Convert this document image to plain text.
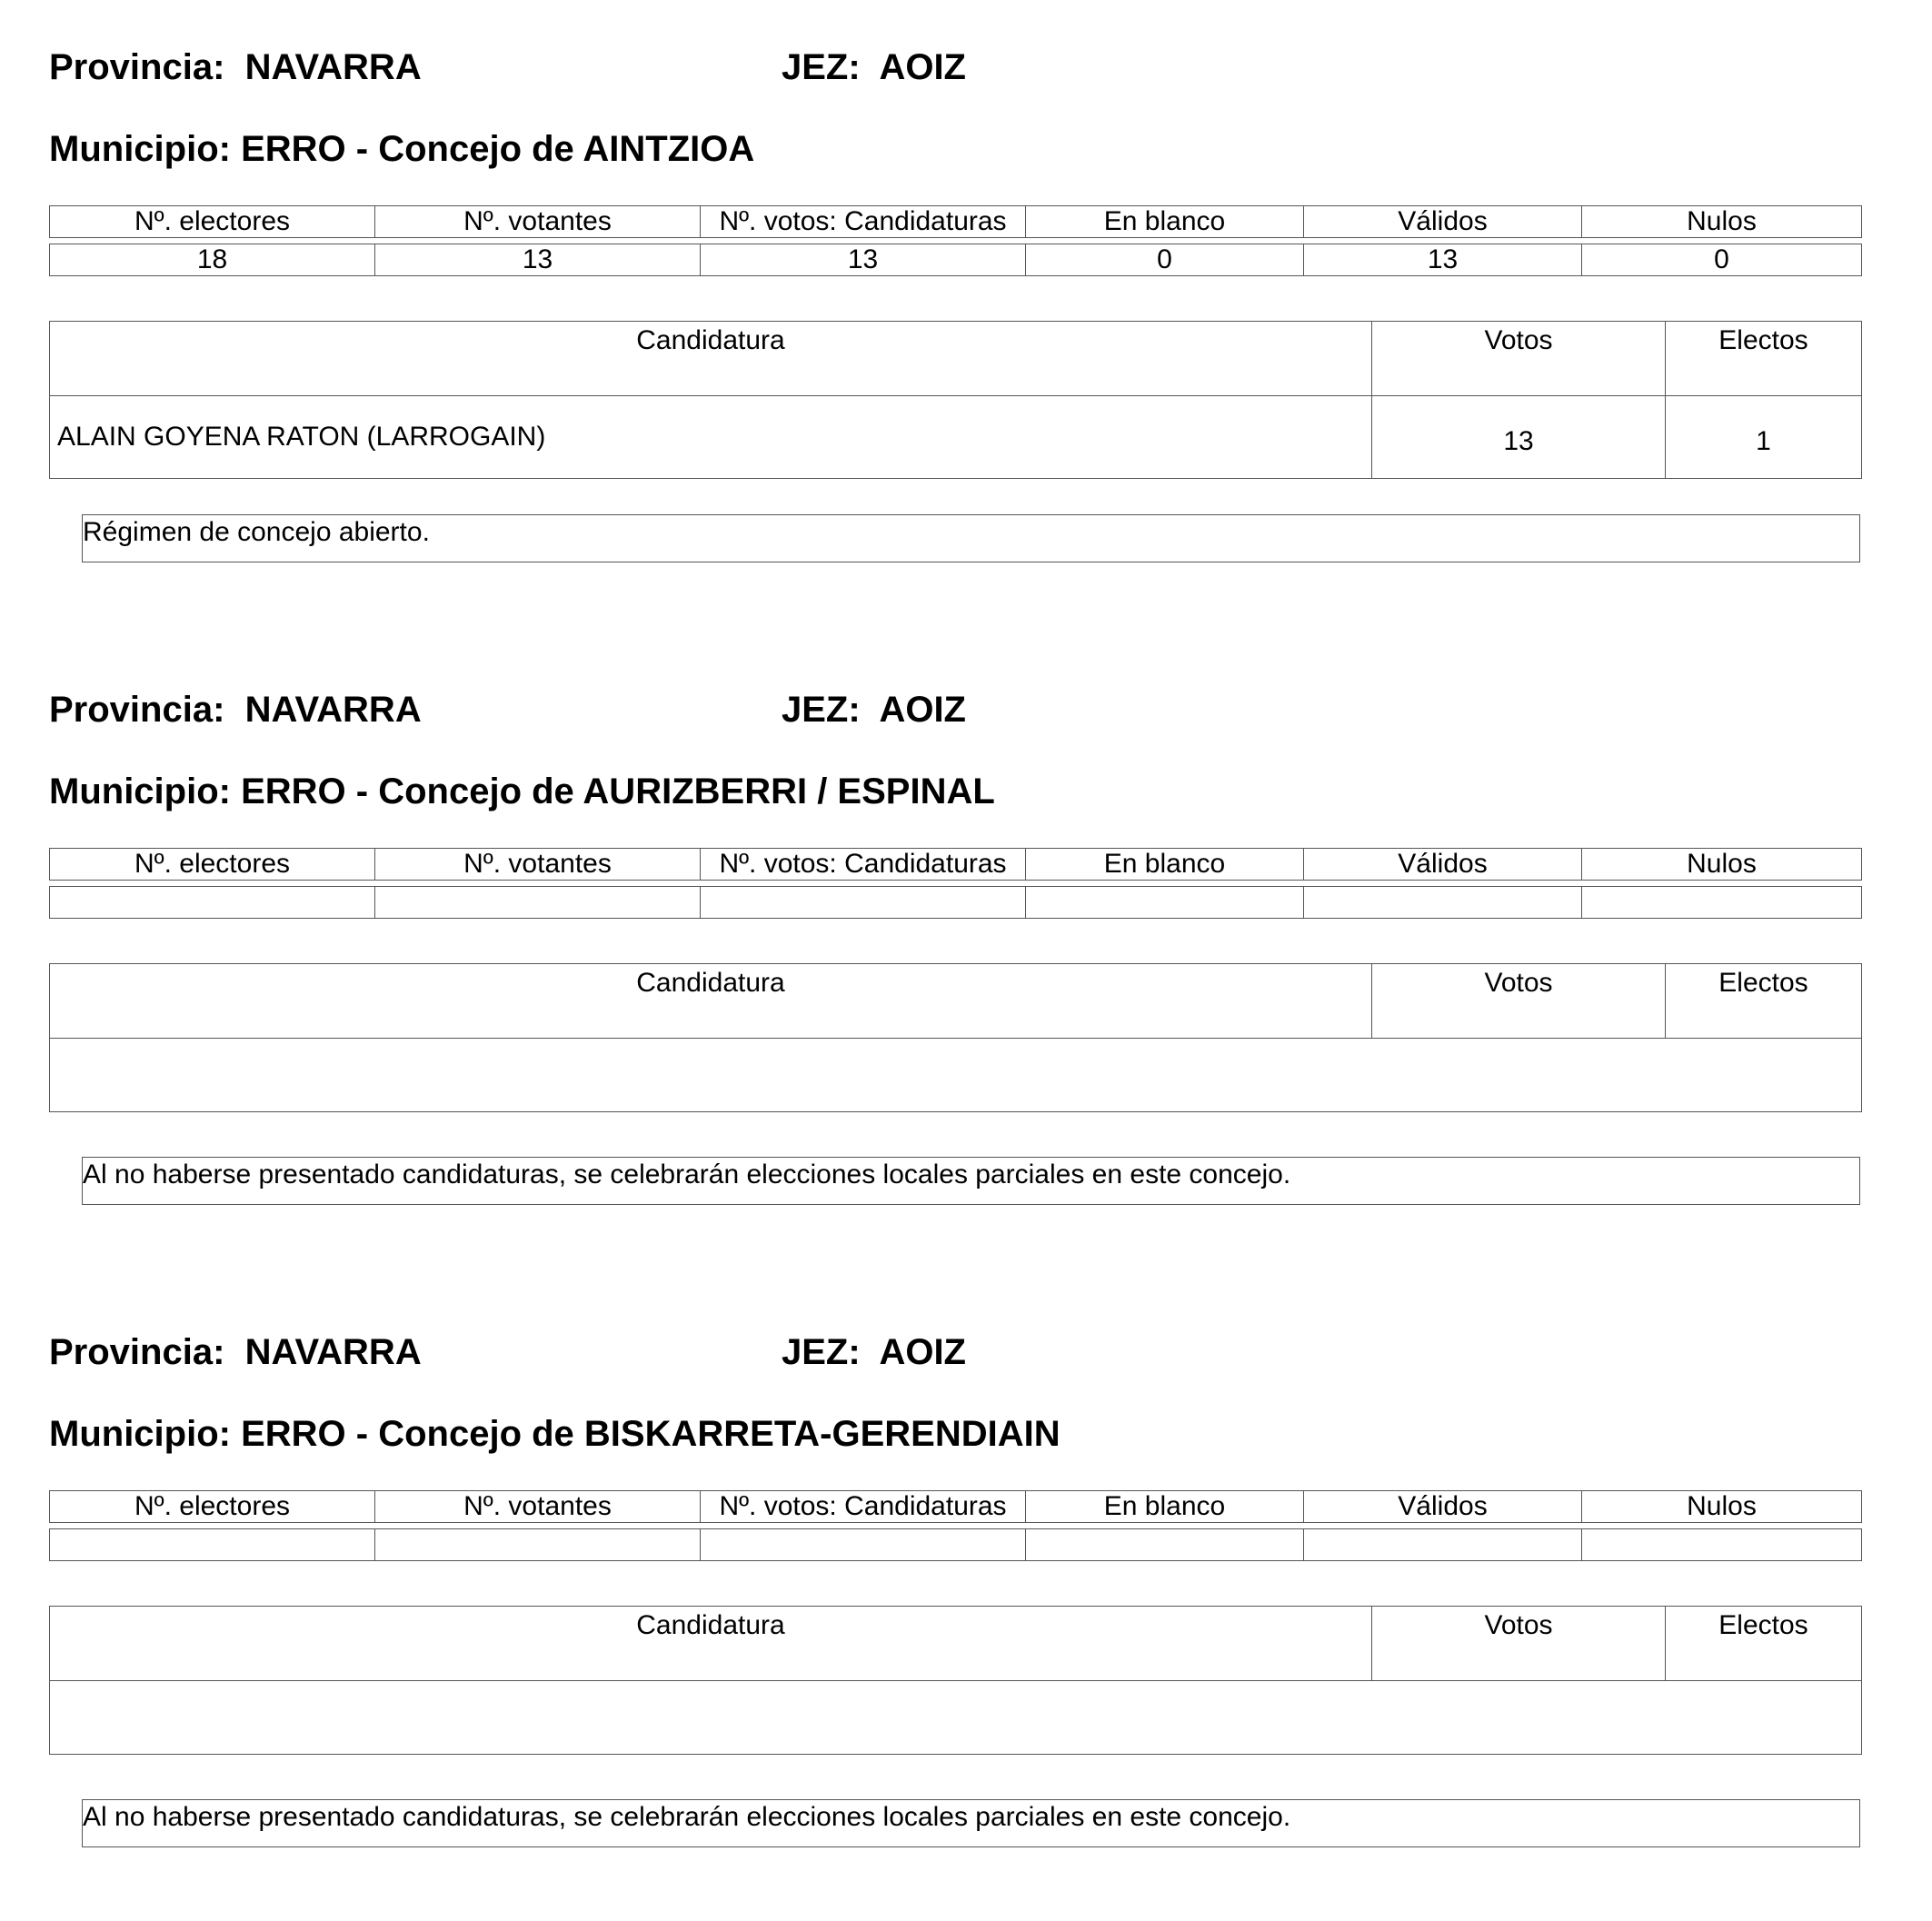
Provincia: NAVARRA	JEZ: AOIZ
Municipio: ERRO - Concejo de AINTZIOA
Nº. electores	Nº. votantes	Nº. votos: Candidaturas	En blanco	Válidos	Nulos

18	13	13	0	13	0
Candidatura	Votos	Electos
ALAIN GOYENA RATON (LARROGAIN)	13	1
Régimen de concejo abierto.
Provincia: NAVARRA	JEZ: AOIZ
Municipio: ERRO - Concejo de AURIZBERRI / ESPINAL
Nº. electores	Nº. votantes	Nº. votos: Candidaturas	En blanco	Válidos	Nulos

Candidatura	Votos	Electos

Al no haberse presentado candidaturas, se celebrarán elecciones locales parciales en este concejo.
Provincia: NAVARRA	JEZ: AOIZ
Municipio: ERRO - Concejo de BISKARRETA-GERENDIAIN
Nº. electores	Nº. votantes	Nº. votos: Candidaturas	En blanco	Válidos	Nulos

Candidatura	Votos	Electos

Al no haberse presentado candidaturas, se celebrarán elecciones locales parciales en este concejo.
